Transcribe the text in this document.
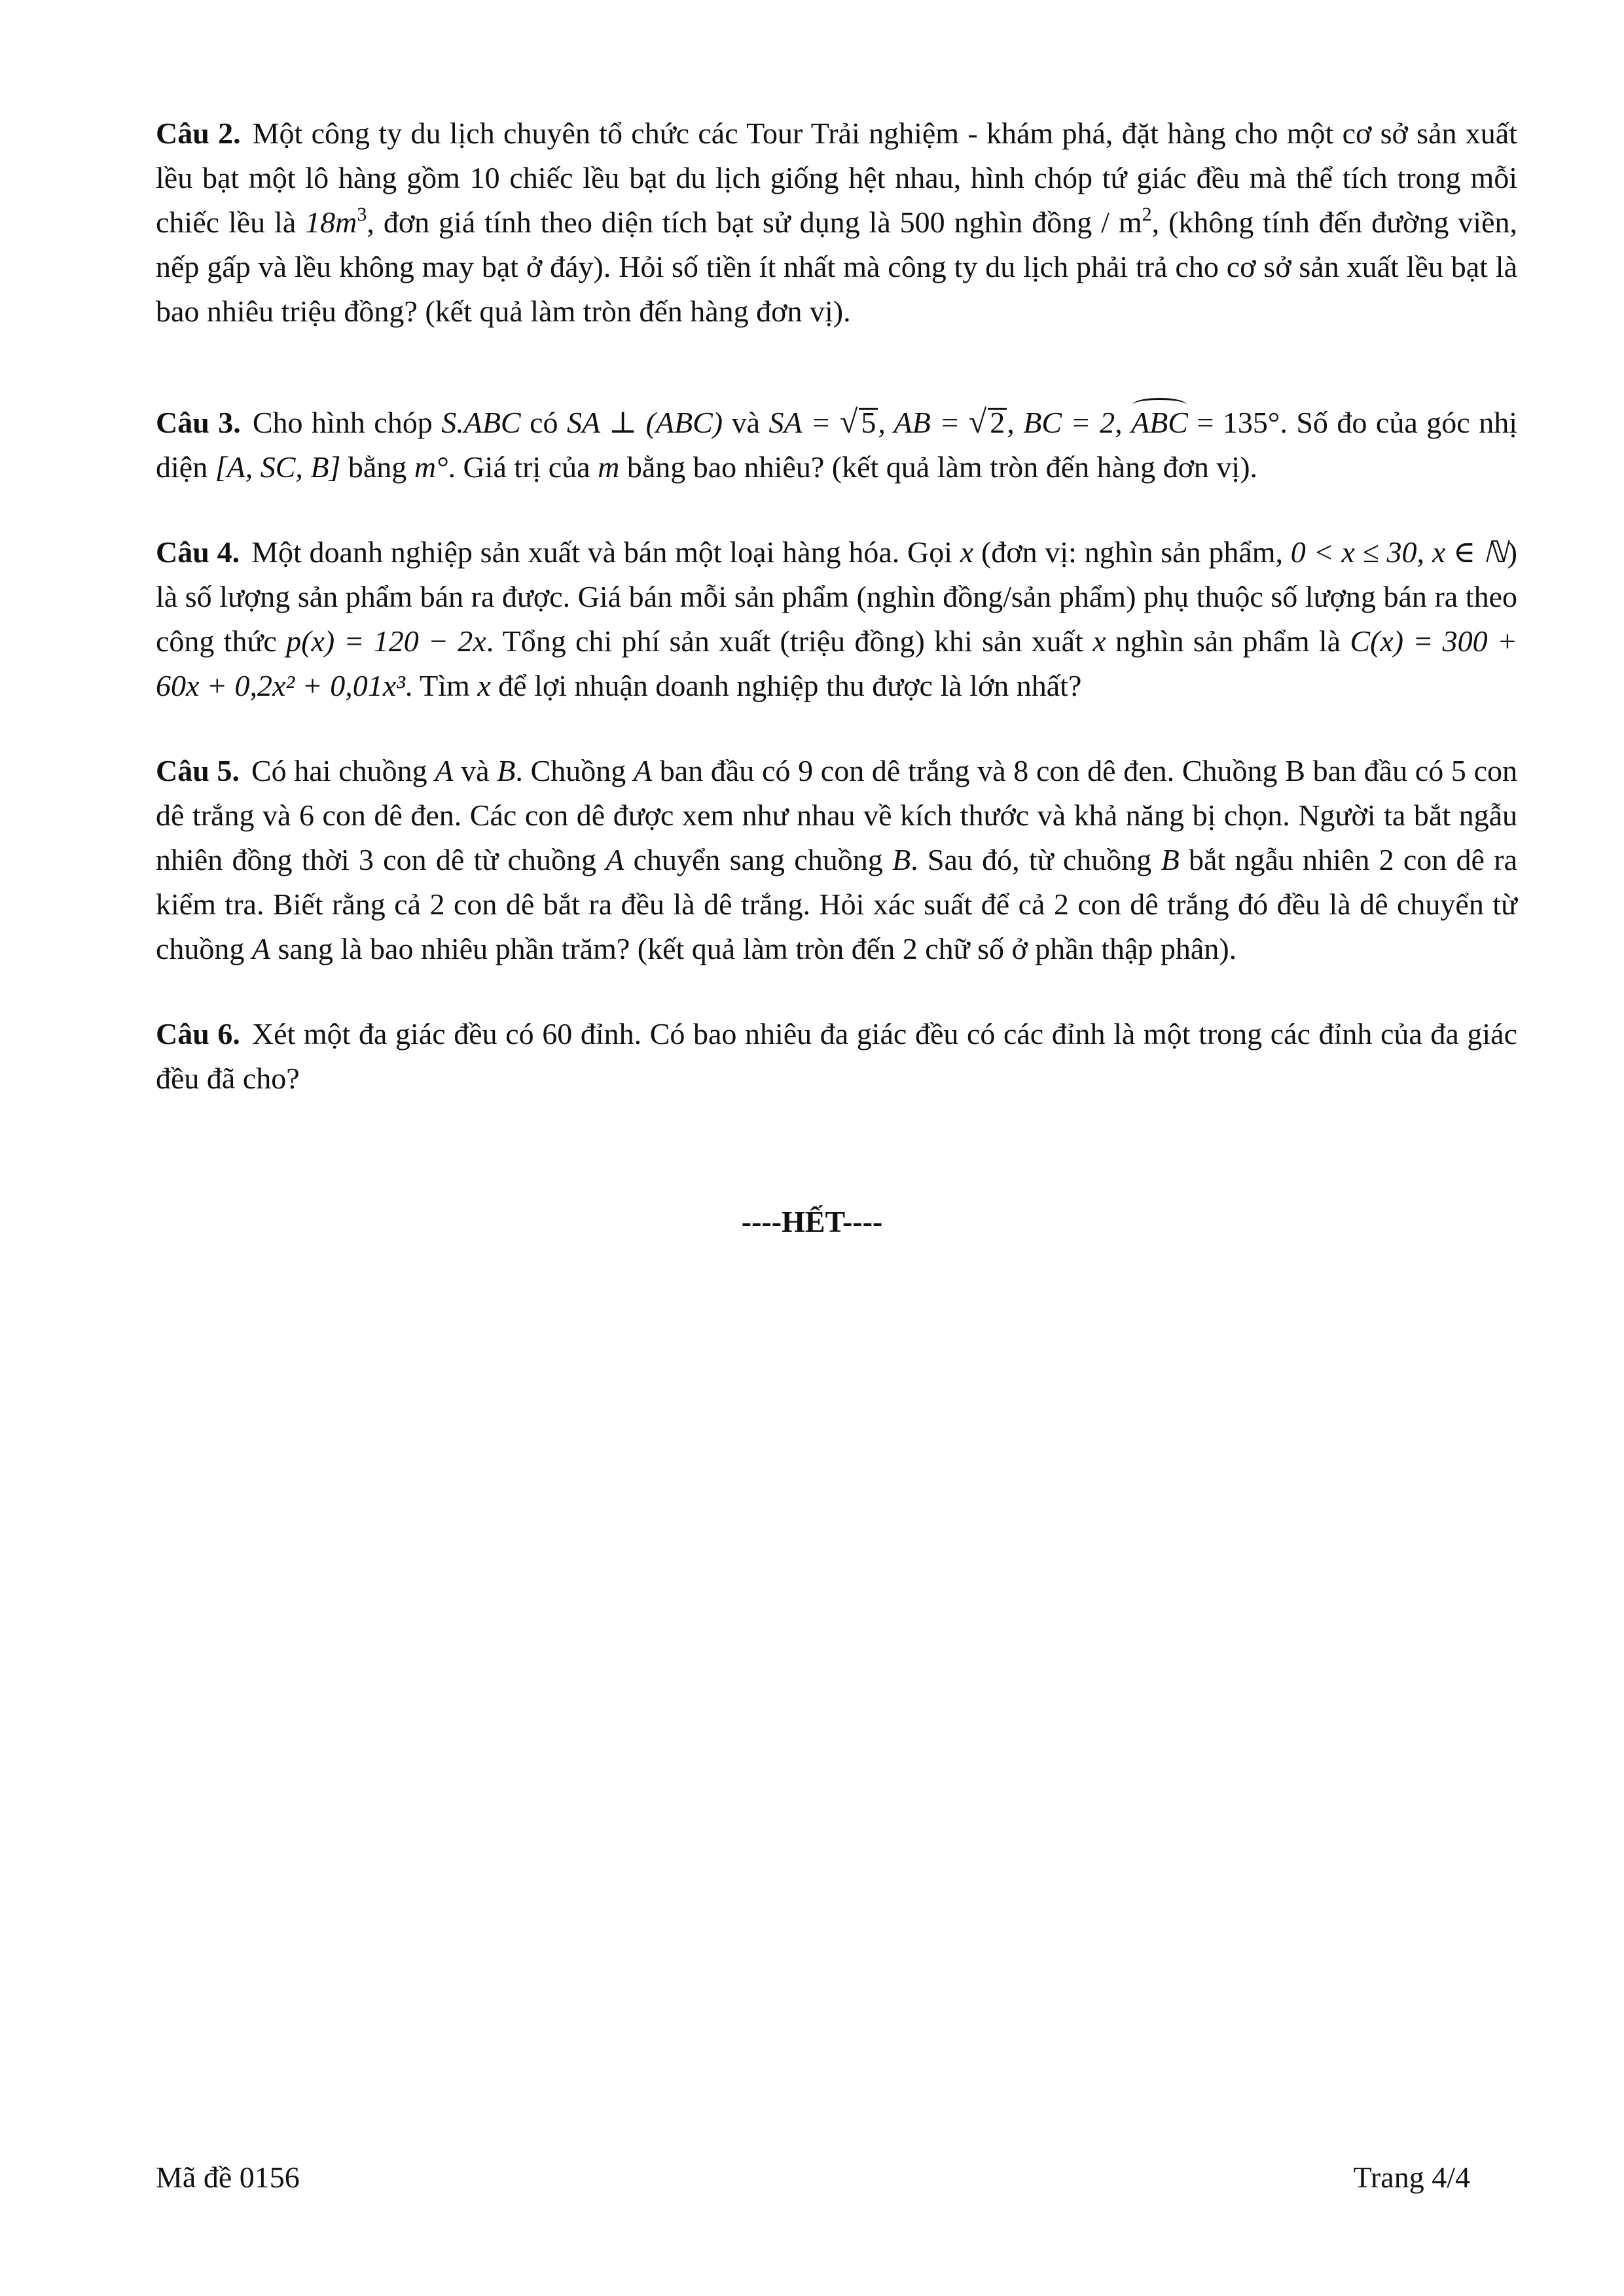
Câu 2. Một công ty du lịch chuyên tổ chức các Tour Trải nghiệm - khám phá, đặt hàng cho một cơ sở sản xuất lều bạt một lô hàng gồm 10 chiếc lều bạt du lịch giống hệt nhau, hình chóp tứ giác đều mà thể tích trong mỗi chiếc lều là $18m^3$, đơn giá tính theo diện tích bạt sử dụng là 500 nghìn đồng / $m^2$, (không tính đến đường viền, nếp gấp và lều không may bạt ở đáy). Hỏi số tiền ít nhất mà công ty du lịch phải trả cho cơ sở sản xuất lều bạt là bao nhiêu triệu đồng? (kết quả làm tròn đến hàng đơn vị).

Câu 3. Cho hình chóp S.ABC có SA ⊥ (ABC) và SA = √ 5, AB = √ 2, BC = 2, ABC = 135°. Số đo của góc nhị diện [A, SC, B] bằng m°. Giá trị của m bằng bao nhiêu? (kết quả làm tròn đến hàng đơn vị).

Câu 4. Một doanh nghiệp sản xuất và bán một loại hàng hóa. Gọi x (đơn vị: nghìn sản phẩm, 0 < x ≤ 30, x ∈ ℕ) là số lượng sản phẩm bán ra được. Giá bán mỗi sản phẩm (nghìn đồng/sản phẩm) phụ thuộc số lượng bán ra theo công thức p(x) = 120 − 2x. Tổng chi phí sản xuất (triệu đồng) khi sản xuất x nghìn sản phẩm là C(x) = 300 + 60x + 0,2x² + 0,01x³. Tìm x để lợi nhuận doanh nghiệp thu được là lớn nhất?

Câu 5. Có hai chuồng A và B. Chuồng A ban đầu có 9 con dê trắng và 8 con dê đen. Chuồng B ban đầu có 5 con dê trắng và 6 con dê đen. Các con dê được xem như nhau về kích thước và khả năng bị chọn. Người ta bắt ngẫu nhiên đồng thời 3 con dê từ chuồng A chuyển sang chuồng B. Sau đó, từ chuồng B bắt ngẫu nhiên 2 con dê ra kiểm tra. Biết rằng cả 2 con dê bắt ra đều là dê trắng. Hỏi xác suất để cả 2 con dê trắng đó đều là dê chuyển từ chuồng A sang là bao nhiêu phần trăm? (kết quả làm tròn đến 2 chữ số ở phần thập phân).

Câu 6. Xét một đa giác đều có 60 đỉnh. Có bao nhiêu đa giác đều có các đỉnh là một trong các đỉnh của đa giác đều đã cho?

----HẾT----
Mã đề 0156	Trang 4/4
